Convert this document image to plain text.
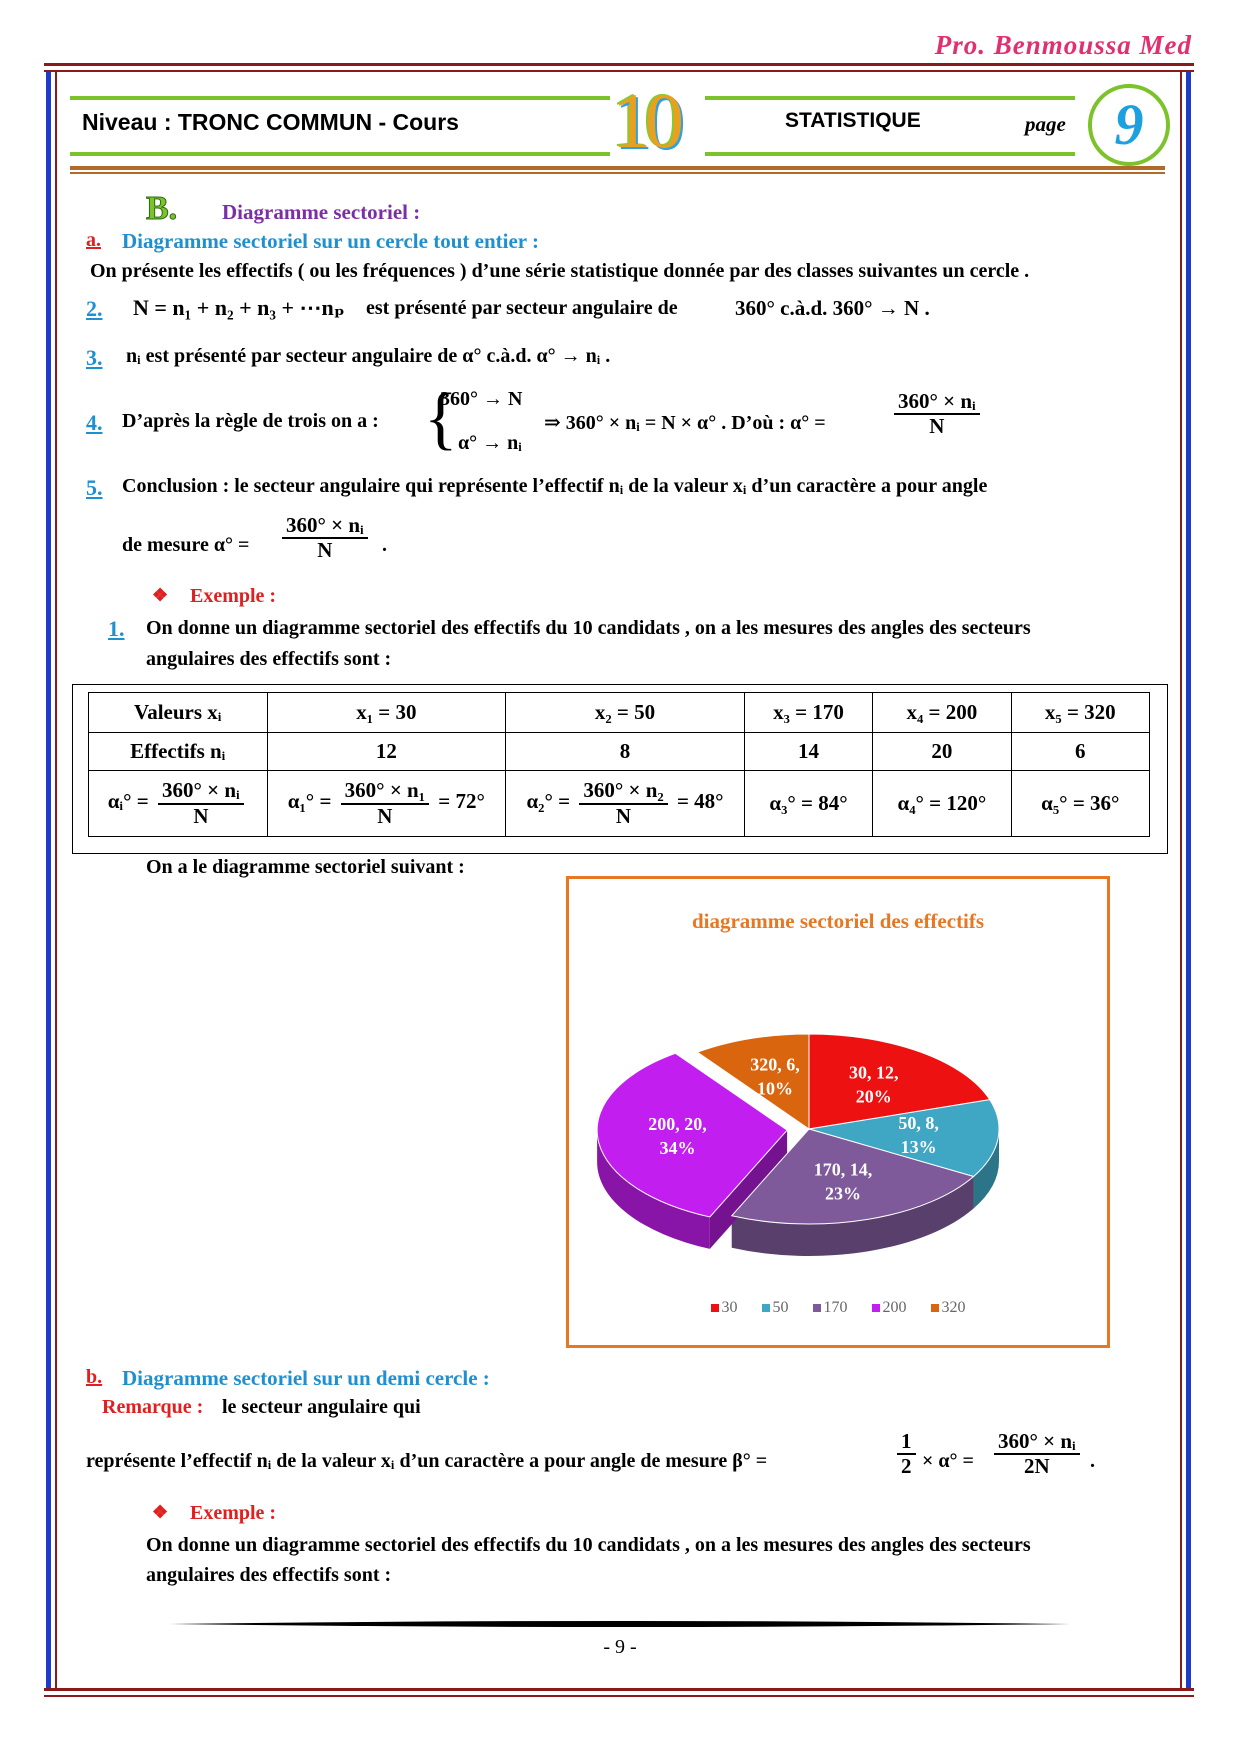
Pro. Benmoussa Med
Niveau : TRONC COMMUN - Cours 10	STATISTIQUE	page 9
B. Diagramme sectoriel :
a. Diagramme sectoriel sur un cercle tout entier :
On présente les effectifs ( ou les fréquences ) d’une série statistique donnée par des classes suivantes un cercle .
2. N = n₁ + n₂ + n₃ + ⋯nₚ est présenté par secteur angulaire de	360° c.à.d. 360° → N .
3. nᵢ est présenté par secteur angulaire de α° c.à.d. α° → nᵢ .
4. D’après la règle de trois on a : {
360° → N
α° → nᵢ
⇒ 360° × nᵢ = N × α° . D’où : α° =	$\frac{\text{360° × nᵢ}}{N}$
5. Conclusion : le secteur angulaire qui représente l’effectif nᵢ de la valeur xᵢ d’un caractère a pour angle
de mesure $\alpha^\circ = \frac{\text{360° × nᵢ}}{N}$ .
❖ Exemple :
1. On donne un diagramme sectoriel des effectifs du 10 candidats , on a les mesures des angles des secteurs
angulaires des effectifs sont :
Valeurs xᵢ	x₁ = 30	x₂ = 50	x₃ = 170	x₄ = 200	x₅ = 320
Effectifs nᵢ	12	8	14	20	6
αᵢ° = $\frac{\text{360° × nᵢ}}{N}$	$\alpha_1^\circ = \frac{\text{360° × n₁}}{N} = 72^\circ$	$\alpha_2^\circ = \frac{\text{360° × n₂}}{N} = 48^\circ$	α₃° = 84°	α₄° = 120°	α₅° = 36°
On a le diagramme sectoriel suivant :
diagramme sectoriel des effectifs
30, 12, 20%
50, 8, 13%
170, 14, 23%
200, 20, 34%
320, 6, 10%
30 50 170 200 320
b. Diagramme sectoriel sur un demi cercle :
Remarque : le secteur angulaire qui
représente l’effectif nᵢ de la valeur xᵢ d’un caractère a pour angle de mesure β° =	$\frac{1}{2} \times \alpha^\circ = \frac{\text{360° × nᵢ}}{2N}$ .
❖ Exemple :
On donne un diagramme sectoriel des effectifs du 10 candidats , on a les mesures des angles des secteurs
angulaires des effectifs sont :
- 9 -
